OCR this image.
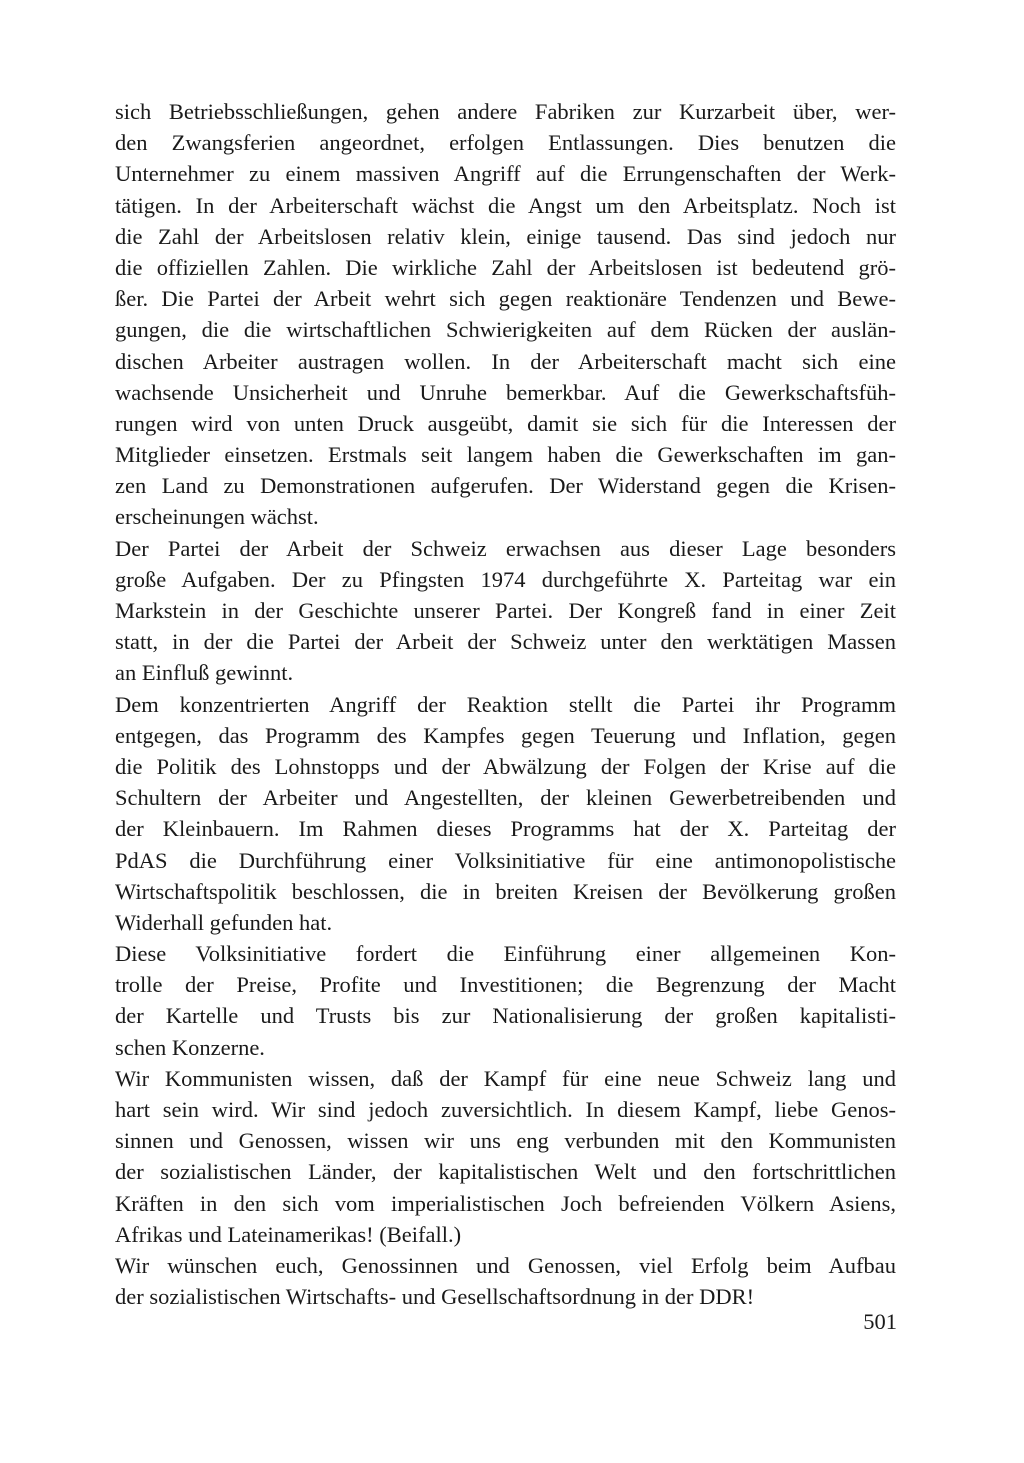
sich Betriebsschließungen, gehen andere Fabriken zur Kurzarbeit über, wer-
den Zwangsferien angeordnet, erfolgen Entlassungen. Dies benutzen die
Unternehmer zu einem massiven Angriff auf die Errungenschaften der Werk-
tätigen. In der Arbeiterschaft wächst die Angst um den Arbeitsplatz. Noch ist
die Zahl der Arbeitslosen relativ klein, einige tausend. Das sind jedoch nur
die offiziellen Zahlen. Die wirkliche Zahl der Arbeitslosen ist bedeutend grö-
ßer. Die Partei der Arbeit wehrt sich gegen reaktionäre Tendenzen und Bewe-
gungen, die die wirtschaftlichen Schwierigkeiten auf dem Rücken der auslän-
dischen Arbeiter austragen wollen. In der Arbeiterschaft macht sich eine
wachsende Unsicherheit und Unruhe bemerkbar. Auf die Gewerkschaftsfüh-
rungen wird von unten Druck ausgeübt, damit sie sich für die Interessen der
Mitglieder einsetzen. Erstmals seit langem haben die Gewerkschaften im gan-
zen Land zu Demonstrationen aufgerufen. Der Widerstand gegen die Krisen-
erscheinungen wächst.
Der Partei der Arbeit der Schweiz erwachsen aus dieser Lage besonders
große Aufgaben. Der zu Pfingsten 1974 durchgeführte X. Parteitag war ein
Markstein in der Geschichte unserer Partei. Der Kongreß fand in einer Zeit
statt, in der die Partei der Arbeit der Schweiz unter den werktätigen Massen
an Einfluß gewinnt.
Dem konzentrierten Angriff der Reaktion stellt die Partei ihr Programm
entgegen, das Programm des Kampfes gegen Teuerung und Inflation, gegen
die Politik des Lohnstopps und der Abwälzung der Folgen der Krise auf die
Schultern der Arbeiter und Angestellten, der kleinen Gewerbetreibenden und
der Kleinbauern. Im Rahmen dieses Programms hat der X. Parteitag der
PdAS die Durchführung einer Volksinitiative für eine antimonopolistische
Wirtschaftspolitik beschlossen, die in breiten Kreisen der Bevölkerung großen
Widerhall gefunden hat.
Diese Volksinitiative fordert die Einführung einer allgemeinen Kon-
trolle der Preise, Profite und Investitionen; die Begrenzung der Macht
der Kartelle und Trusts bis zur Nationalisierung der großen kapitalisti-
schen Konzerne.
Wir Kommunisten wissen, daß der Kampf für eine neue Schweiz lang und
hart sein wird. Wir sind jedoch zuversichtlich. In diesem Kampf, liebe Genos-
sinnen und Genossen, wissen wir uns eng verbunden mit den Kommunisten
der sozialistischen Länder, der kapitalistischen Welt und den fortschrittlichen
Kräften in den sich vom imperialistischen Joch befreienden Völkern Asiens,
Afrikas und Lateinamerikas! (Beifall.)
Wir wünschen euch, Genossinnen und Genossen, viel Erfolg beim Aufbau
der sozialistischen Wirtschafts- und Gesellschaftsordnung in der DDR!
501
